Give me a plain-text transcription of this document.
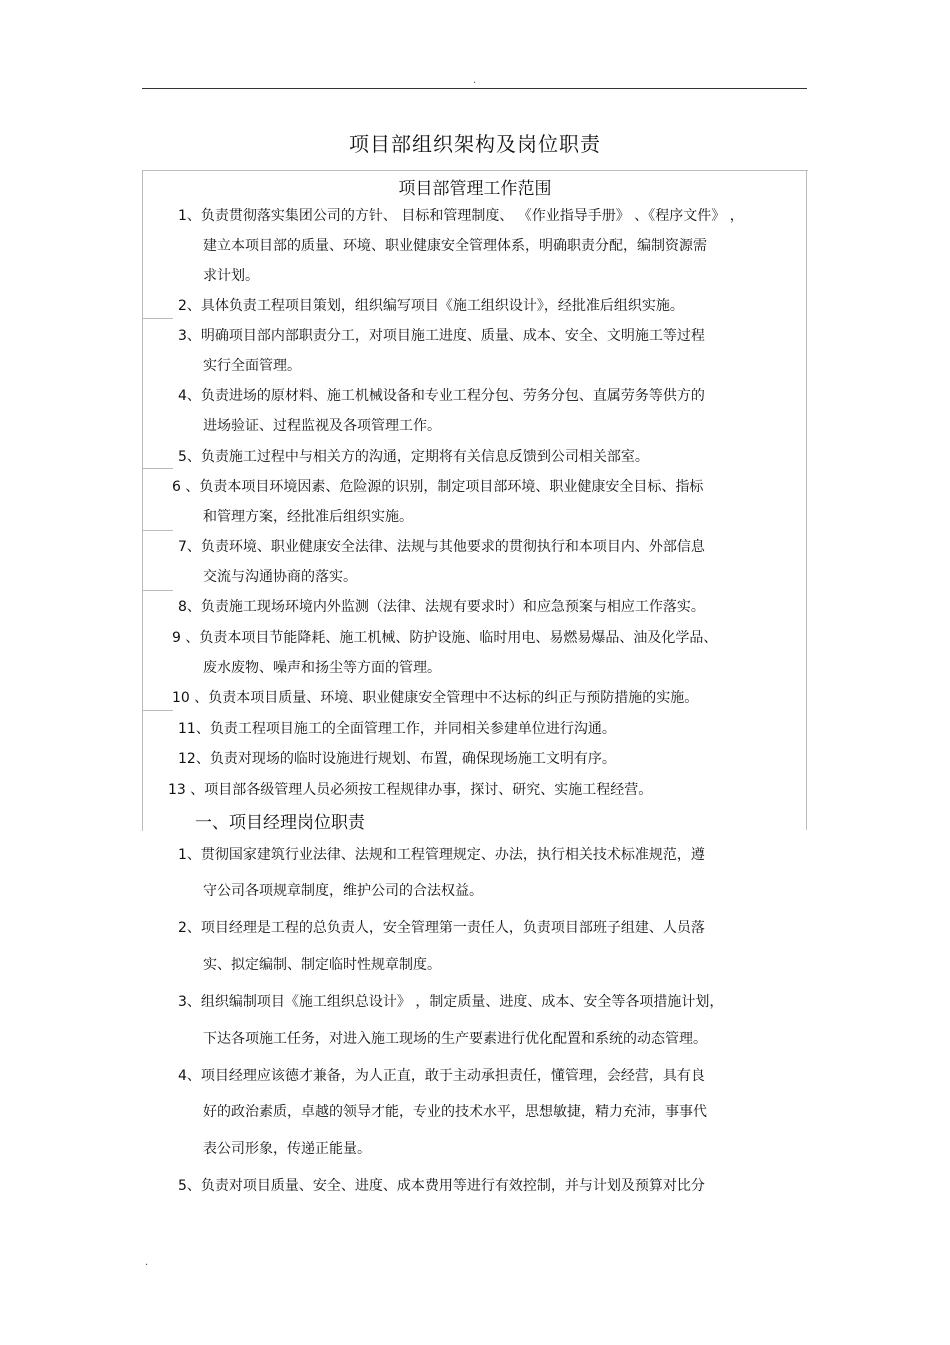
.
项目部组织架构及岗位职责
项目部管理工作范围
1、负责贯彻落实集团公司的方针、 目标和管理制度、 《作业指导手册》 、《程序文件》 ，
建立本项目部的质量、环境、职业健康安全管理体系，明确职责分配，编制资源需
求计划。
2、具体负责工程项目策划，组织编写项目《施工组织设计》，经批准后组织实施。
3、明确项目部内部职责分工，对项目施工进度、质量、成本、安全、文明施工等过程
实行全面管理。
4、负责进场的原材料、施工机械设备和专业工程分包、劳务分包、直属劳务等供方的
进场验证、过程监视及各项管理工作。
5、负责施工过程中与相关方的沟通，定期将有关信息反馈到公司相关部室。
6 、负责本项目环境因素、危险源的识别，制定项目部环境、职业健康安全目标、指标
和管理方案，经批准后组织实施。
7、负责环境、职业健康安全法律、法规与其他要求的贯彻执行和本项目内、外部信息
交流与沟通协商的落实。
8、负责施工现场环境内外监测（法律、法规有要求时）和应急预案与相应工作落实。
9 、负责本项目节能降耗、施工机械、防护设施、临时用电、易燃易爆品、油及化学品、
废水废物、噪声和扬尘等方面的管理。
10 、负责本项目质量、环境、职业健康安全管理中不达标的纠正与预防措施的实施。
11、负责工程项目施工的全面管理工作，并同相关参建单位进行沟通。
12、负责对现场的临时设施进行规划、布置，确保现场施工文明有序。
13 、项目部各级管理人员必须按工程规律办事，探讨、研究、实施工程经营。
一、项目经理岗位职责
1、贯彻国家建筑行业法律、法规和工程管理规定、办法，执行相关技术标准规范，遵
守公司各项规章制度，维护公司的合法权益。
2、项目经理是工程的总负责人，安全管理第一责任人，负责项目部班子组建、人员落
实、拟定编制、制定临时性规章制度。
3、组织编制项目《施工组织总设计》 ，制定质量、进度、成本、安全等各项措施计划，
下达各项施工任务，对进入施工现场的生产要素进行优化配置和系统的动态管理。
4、项目经理应该德才兼备，为人正直，敢于主动承担责任，懂管理，会经营，具有良
好的政治素质，卓越的领导才能，专业的技术水平，思想敏捷，精力充沛，事事代
表公司形象，传递正能量。
5、负责对项目质量、安全、进度、成本费用等进行有效控制，并与计划及预算对比分
.
